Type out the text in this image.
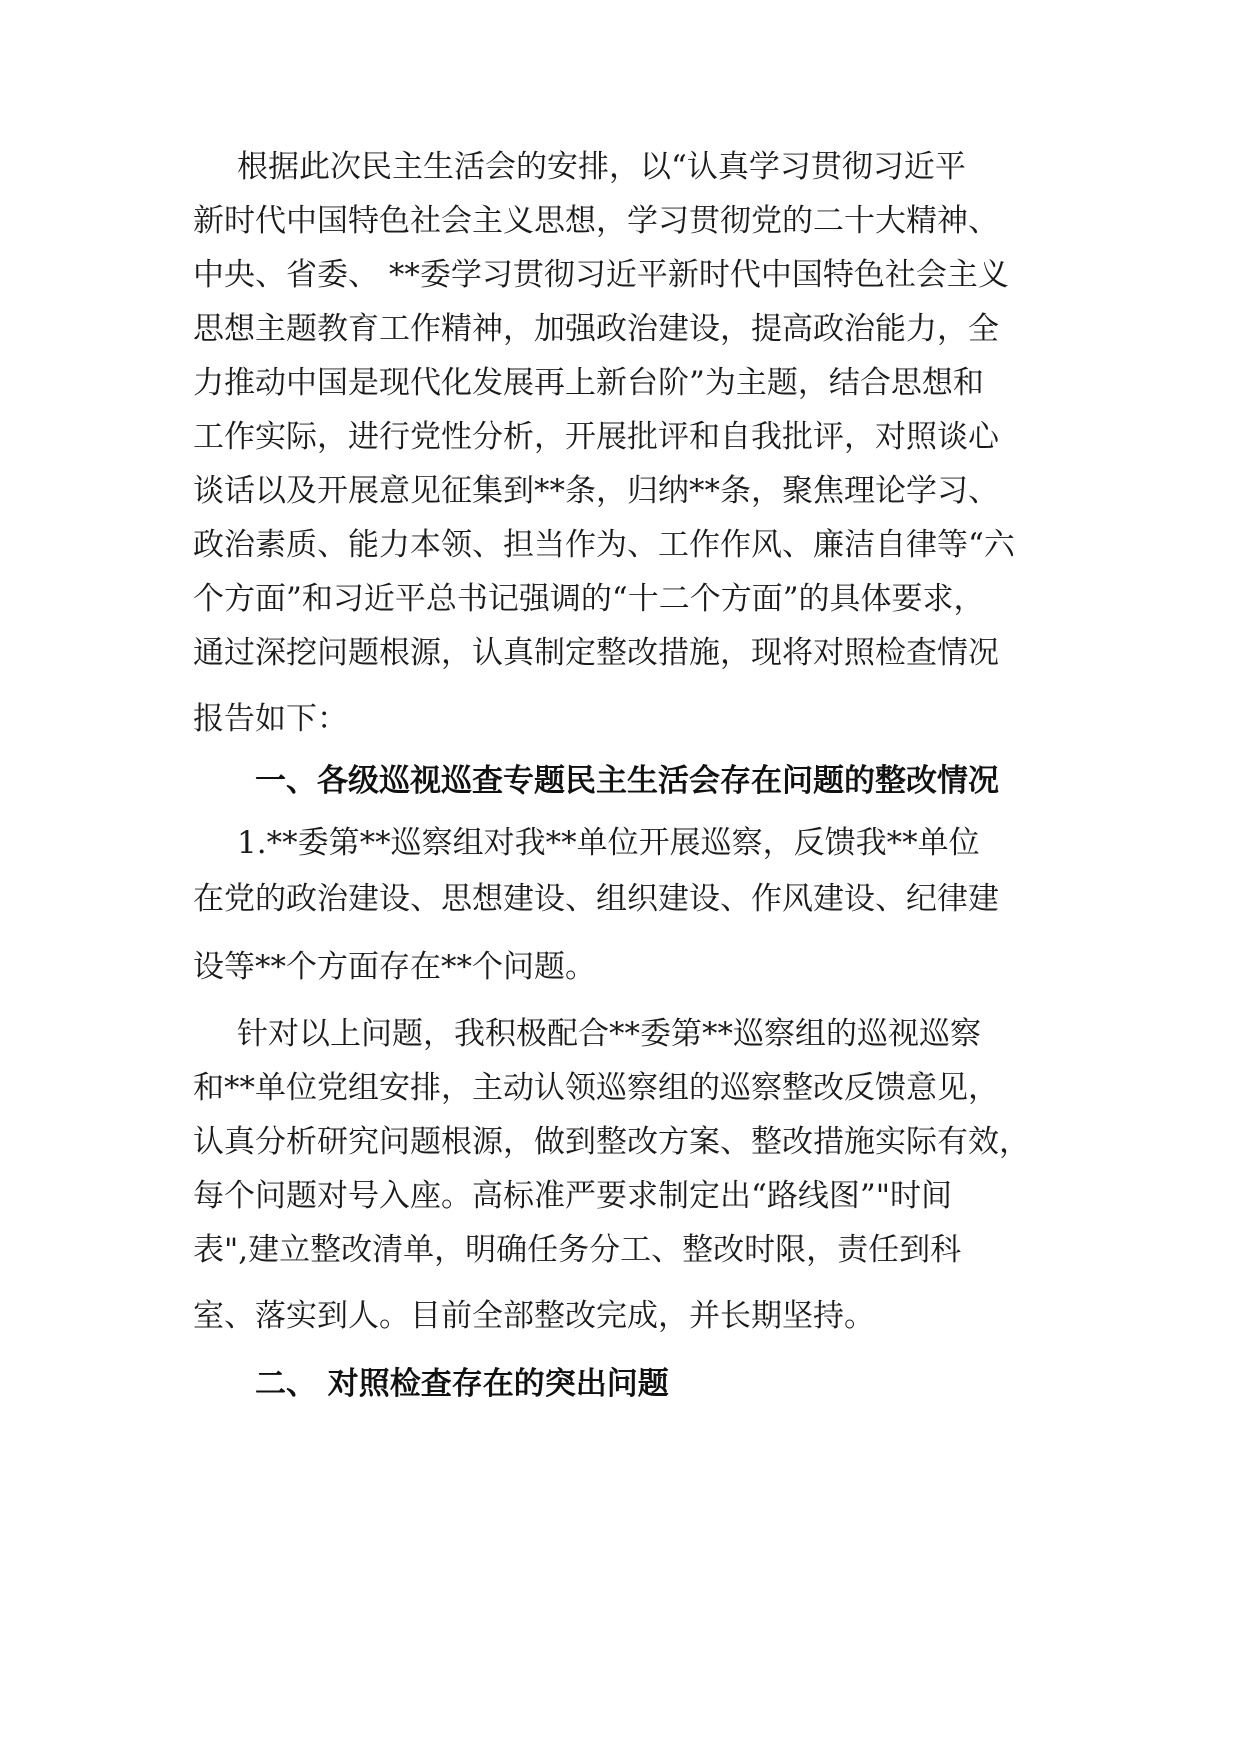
根据此次民主生活会的安排，以“认真学习贯彻习近平

新时代中国特色社会主义思想，学习贯彻党的二十大精神、

中央、省委、 **委学习贯彻习近平新时代中国特色社会主义

思想主题教育工作精神，加强政治建设，提高政治能力，全

力推动中国是现代化发展再上新台阶”为主题，结合思想和

工作实际，进行党性分析，开展批评和自我批评，对照谈心

谈话以及开展意见征集到**条，归纳**条，聚焦理论学习、

政治素质、能力本领、担当作为、工作作风、廉洁自律等“六

个方面”和习近平总书记强调的“十二个方面”的具体要求，

通过深挖问题根源，认真制定整改措施，现将对照检查情况

报告如下：

一、各级巡视巡查专题民主生活会存在问题的整改情况

1.**委第**巡察组对我**单位开展巡察，反馈我**单位

在党的政治建设、思想建设、组织建设、作风建设、纪律建

设等**个方面存在**个问题。

针对以上问题，我积极配合**委第**巡察组的巡视巡察

和**单位党组安排，主动认领巡察组的巡察整改反馈意见，

认真分析研究问题根源，做到整改方案、整改措施实际有效，

每个问题对号入座。高标准严要求制定出“路线图”"时间

表",建立整改清单，明确任务分工、整改时限，责任到科

室、落实到人。目前全部整改完成，并长期坚持。

二、 对照检查存在的突出问题
